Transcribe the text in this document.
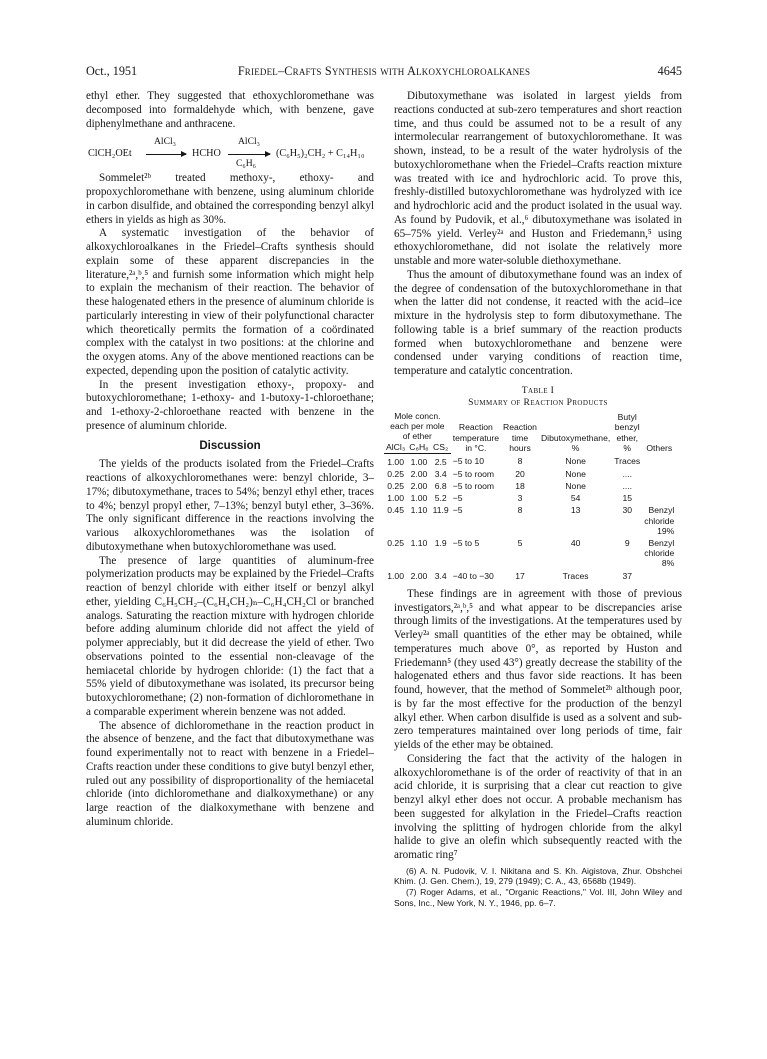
Oct., 1951	Friedel–Crafts Synthesis with Alkoxychloroalkanes	4645

ethyl ether. They suggested that ethoxychloromethane was decomposed into formaldehyde which, with benzene, gave diphenylmethane and anthracene.

ClCH₂OEt
AlCl₃
→ HCHO
AlCl₃
C₆H₆
(C₆H₅)₂CH₂ + C₁₄H₁₀

Sommelet²ᵇ treated methoxy-, ethoxy- and propoxychloromethane with benzene, using aluminum chloride in carbon disulfide, and obtained the corresponding benzyl alkyl ethers in yields as high as 30%.

A systematic investigation of the behavior of alkoxychloroalkanes in the Friedel–Crafts synthesis should explain some of these apparent discrepancies in the literature,²ᵃ,ᵇ,⁵ and furnish some information which might help to explain the mechanism of their reaction. The behavior of these halogenated ethers in the presence of aluminum chloride is particularly interesting in view of their polyfunctional character which theoretically permits the formation of a coördinated complex with the catalyst in two positions: at the chlorine and the oxygen atoms. Any of the above mentioned reactions can be expected, depending upon the position of catalytic activity.

In the present investigation ethoxy-, propoxy- and butoxychloromethane; 1-ethoxy- and 1-butoxy-1-chloroethane; and 1-ethoxy-2-chloroethane reacted with benzene in the presence of aluminum chloride.

Discussion

The yields of the products isolated from the Friedel–Crafts reactions of alkoxychloromethanes were: benzyl chloride, 3–17%; dibutoxymethane, traces to 54%; benzyl ethyl ether, traces to 4%; benzyl propyl ether, 7–13%; benzyl butyl ether, 3–36%. The only significant difference in the reactions involving the various alkoxychloromethanes was the isolation of dibutoxymethane when butoxychloromethane was used.

The presence of large quantities of aluminum-free polymerization products may be explained by the Friedel–Crafts reaction of benzyl chloride with either itself or benzyl alkyl ether, yielding C₆H₅CH₂–(C₆H₄CH₂)ₙ–C₆H₄CH₂Cl or branched analogs. Saturating the reaction mixture with hydrogen chloride before adding aluminum chloride did not affect the yield of polymer appreciably, but it did decrease the yield of ether. Two observations pointed to the essential non-cleavage of the hemiacetal chloride by hydrogen chloride: (1) the fact that a 55% yield of dibutoxymethane was isolated, its precursor being butoxychloromethane; (2) non-formation of dichloromethane in a comparable experiment wherein benzene was not added.

The absence of dichloromethane in the reaction product in the absence of benzene, and the fact that dibutoxymethane was found experimentally not to react with benzene in a Friedel–Crafts reaction under these conditions to give butyl benzyl ether, ruled out any possibility of disproportionality of the hemiacetal chloride (into dichloromethane and dialkoxymethane) or any large reaction of the dialkoxymethane with benzene and aluminum chloride.

Dibutoxymethane was isolated in largest yields from reactions conducted at sub-zero temperatures and short reaction time, and thus could be assumed not to be a result of any intermolecular rearrangement of butoxychloromethane. It was shown, instead, to be a result of the water hydrolysis of the butoxychloromethane when the Friedel–Crafts reaction mixture was treated with ice and hydrochloric acid. To prove this, freshly-distilled butoxychloromethane was hydrolyzed with ice and hydrochloric acid and the product isolated in the usual way. As found by Pudovik, et al.,⁶ dibutoxymethane was isolated in 65–75% yield. Verley²ᵃ and Huston and Friedemann,⁵ using ethoxychloromethane, did not isolate the relatively more unstable and more water-soluble diethoxymethane.

Thus the amount of dibutoxymethane found was an index of the degree of condensation of the butoxychloromethane in that when the latter did not condense, it reacted with the acid–ice mixture in the hydrolysis step to form dibutoxymethane. The following table is a brief summary of the reaction products formed when butoxychloromethane and benzene were condensed under varying conditions of reaction time, temperature and catalytic concentration.

Table I
Summary of Reaction Products
Mole concn. each per mole of ether			Reaction temperature in °C.	Reaction time hours	Dibutoxymethane, %	Butyl benzyl ether, %	Others
AlCl₃	C₆H₆	CS₂					
1.00	1.00	2.5	−5 to 10	8	None	Traces	
0.25	2.00	3.4	−5 to room	20	None	....	
0.25	2.00	6.8	−5 to room	18	None	....	
1.00	1.00	5.2	−5	3	54	15	
0.45	1.10	11.9	−5	8	13	30	Benzyl chloride 19%
0.25	1.10	1.9	−5 to 5	5	40	9	Benzyl chloride 8%
1.00	2.00	3.4	−40 to −30	17	Traces	37	

These findings are in agreement with those of previous investigators,²ᵃ,ᵇ,⁵ and what appear to be discrepancies arise through limits of the investigations. At the temperatures used by Verley²ᵃ small quantities of the ether may be obtained, while temperatures much above 0°, as reported by Huston and Friedemann⁵ (they used 43°) greatly decrease the stability of the halogenated ethers and thus favor side reactions. It has been found, however, that the method of Sommelet²ᵇ although poor, is by far the most effective for the production of the benzyl alkyl ether. When carbon disulfide is used as a solvent and sub-zero temperatures maintained over long periods of time, fair yields of the ether may be obtained.

Considering the fact that the activity of the halogen in alkoxychloromethane is of the order of reactivity of that in an acid chloride, it is surprising that a clear cut reaction to give benzyl alkyl ether does not occur. A probable mechanism has been suggested for alkylation in the Friedel–Crafts reaction involving the splitting of hydrogen chloride from the alkyl halide to give an olefin which subsequently reacted with the aromatic ring⁷

(6) A. N. Pudovik, V. I. Nikitana and S. Kh. Aigistova, Zhur. Obshchei Khim. (J. Gen. Chem.), 19, 279 (1949); C. A., 43, 6568b (1949).

(7) Roger Adams, et al., "Organic Reactions," Vol. III, John Wiley and Sons, Inc., New York, N. Y., 1946, pp. 6–7.
